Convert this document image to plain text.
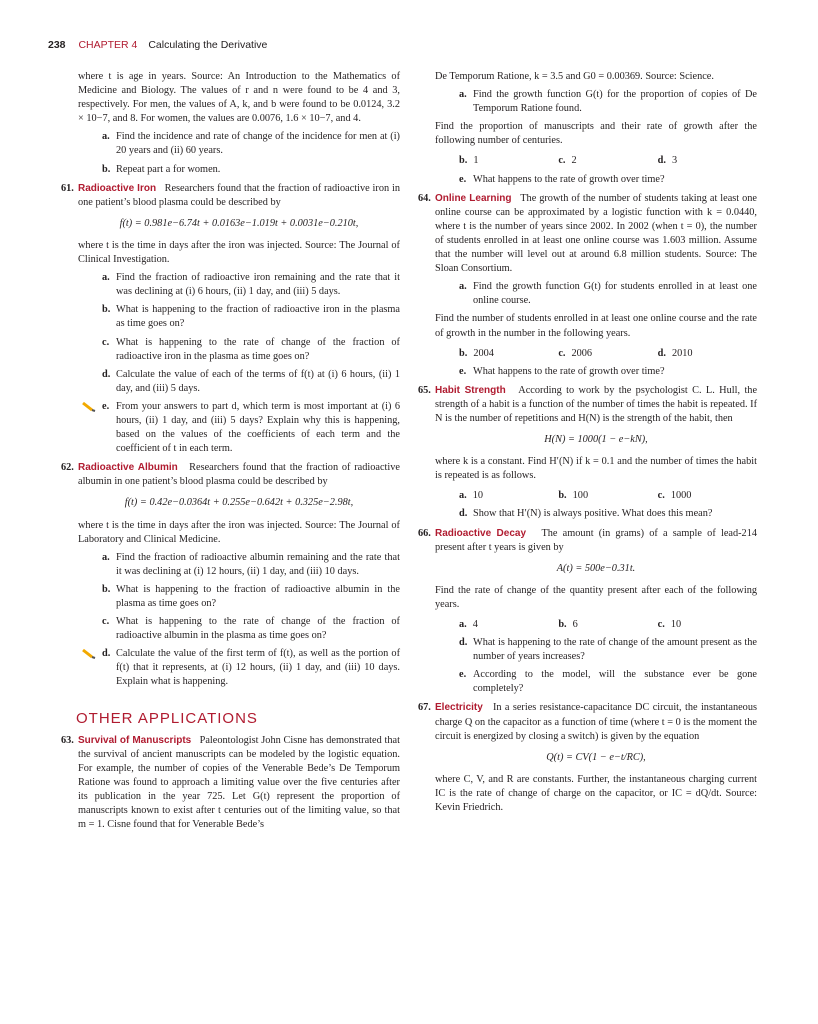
238 CHAPTER 4 Calculating the Derivative

where t is age in years. Source: An Introduction to the Mathematics of Medicine and Biology. The values of r and n were found to be 4 and 3, respectively. For men, the values of A, k, and b were found to be 0.0124, 3.2 × 10−7, and 8. For women, the values are 0.0076, 1.6 × 10−7, and 4.

a. Find the incidence and rate of change of the incidence for men at (i) 20 years and (ii) 60 years.
b. Repeat part a for women.

61. Radioactive Iron Researchers found that the fraction of radioactive iron in one patient’s blood plasma could be described by

f(t) = 0.981e−6.74t + 0.0163e−1.019t + 0.0031e−0.210t,

where t is the time in days after the iron was injected. Source: The Journal of Clinical Investigation.

a. Find the fraction of radioactive iron remaining and the rate that it was declining at (i) 6 hours, (ii) 1 day, and (iii) 5 days.
b. What is happening to the fraction of radioactive iron in the plasma as time goes on?
c. What is happening to the rate of change of the fraction of radioactive iron in the plasma as time goes on?
d. Calculate the value of each of the terms of f(t) at (i) 6 hours, (ii) 1 day, and (iii) 5 days.
e. From your answers to part d, which term is most important at (i) 6 hours, (ii) 1 day, and (iii) 5 days? Explain why this is happening, based on the values of the coefficients of each term and the coefficient of t in each term.

62. Radioactive Albumin Researchers found that the fraction of radioactive albumin in one patient’s blood plasma could be described by

f(t) = 0.42e−0.0364t + 0.255e−0.642t + 0.325e−2.98t,

where t is the time in days after the iron was injected. Source: The Journal of Laboratory and Clinical Medicine.

a. Find the fraction of radioactive albumin remaining and the rate that it was declining at (i) 12 hours, (ii) 1 day, and (iii) 10 days.
b. What is happening to the fraction of radioactive albumin in the plasma as time goes on?
c. What is happening to the rate of change of the fraction of radioactive albumin in the plasma as time goes on?
d. Calculate the value of the first term of f(t), as well as the portion of f(t) that it represents, at (i) 12 hours, (ii) 1 day, and (iii) 10 days. Explain what is happening.
OTHER APPLICATIONS

63. Survival of Manuscripts Paleontologist John Cisne has demonstrated that the survival of ancient manuscripts can be modeled by the logistic equation. For example, the number of copies of the Venerable Bede’s De Temporum Ratione was found to approach a limiting value over the five centuries after its publication in the year 725. Let G(t) represent the proportion of manuscripts known to exist after t centuries out of the limiting value, so that m = 1. Cisne found that for Venerable Bede’s

De Temporum Ratione, k = 3.5 and G0 = 0.00369. Source: Science.

a. Find the growth function G(t) for the proportion of copies of De Temporum Ratione found.

Find the proportion of manuscripts and their rate of growth after the following number of centuries.

b. 1	c. 2	d. 3
e. What happens to the rate of growth over time?

64. Online Learning The growth of the number of students taking at least one online course can be approximated by a logistic function with k = 0.0440, where t is the number of years since 2002. In 2002 (when t = 0), the number of students enrolled in at least one online course was 1.603 million. Assume that the number will level out at around 6.8 million students. Source: The Sloan Consortium.

a. Find the growth function G(t) for students enrolled in at least one online course.

Find the number of students enrolled in at least one online course and the rate of growth in the number in the following years.

b. 2004	c. 2006	d. 2010
e. What happens to the rate of growth over time?

65. Habit Strength According to work by the psychologist C. L. Hull, the strength of a habit is a function of the number of times the habit is repeated. If N is the number of repetitions and H(N) is the strength of the habit, then

H(N) = 1000(1 − e−kN),

where k is a constant. Find H′(N) if k = 0.1 and the number of times the habit is repeated is as follows.

a. 10	b. 100	c. 1000
d. Show that H′(N) is always positive. What does this mean?

66. Radioactive Decay The amount (in grams) of a sample of lead-214 present after t years is given by

A(t) = 500e−0.31t.

Find the rate of change of the quantity present after each of the following years.

a. 4	b. 6	c. 10
d. What is happening to the rate of change of the amount present as the number of years increases?
e. According to the model, will the substance ever be gone completely?

67. Electricity In a series resistance-capacitance DC circuit, the instantaneous charge Q on the capacitor as a function of time (where t = 0 is the moment the circuit is energized by closing a switch) is given by the equation

Q(t) = CV(1 − e−t/RC),

where C, V, and R are constants. Further, the instantaneous charging current IC is the rate of change of charge on the capacitor, or IC = dQ/dt. Source: Kevin Friedrich.
